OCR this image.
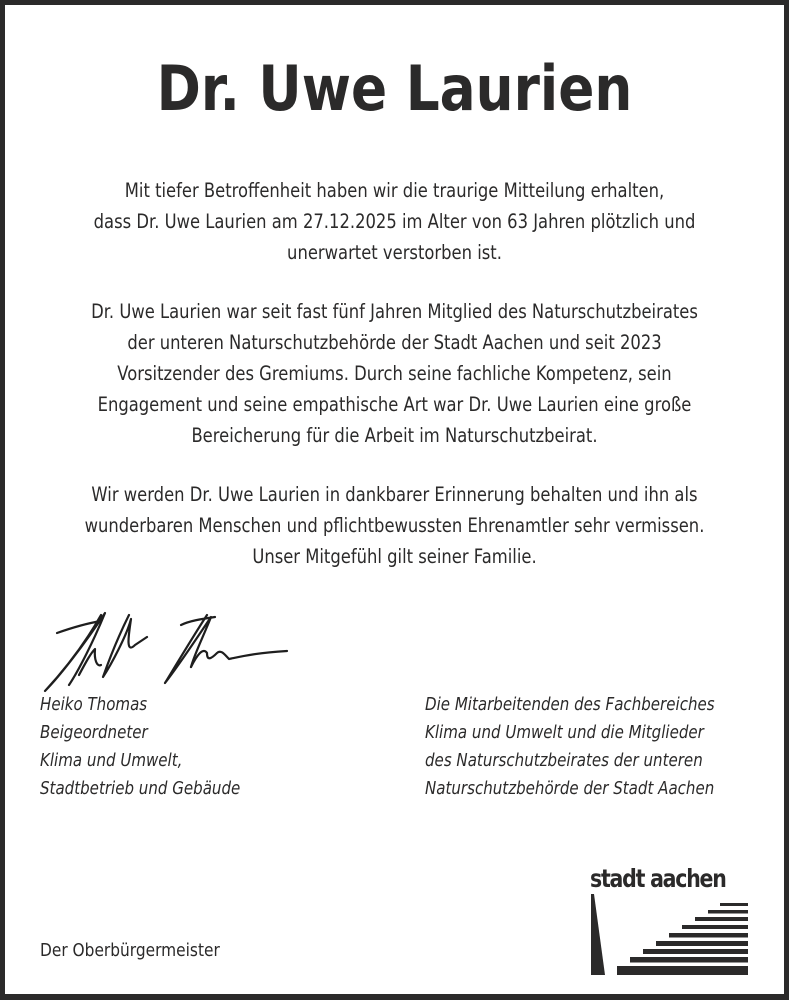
Dr. Uwe Laurien
Mit tiefer Betroffenheit haben wir die traurige Mitteilung erhalten,
dass Dr. Uwe Laurien am 27.12.2025 im Alter von 63 Jahren plötzlich und
unerwartet verstorben ist.
Dr. Uwe Laurien war seit fast fünf Jahren Mitglied des Naturschutzbeirates
der unteren Naturschutzbehörde der Stadt Aachen und seit 2023
Vorsitzender des Gremiums. Durch seine fachliche Kompetenz, sein
Engagement und seine empathische Art war Dr. Uwe Laurien eine große
Bereicherung für die Arbeit im Naturschutzbeirat.
Wir werden Dr. Uwe Laurien in dankbarer Erinnerung behalten und ihn als
wunderbaren Menschen und pflichtbewussten Ehrenamtler sehr vermissen.
Unser Mitgefühl gilt seiner Familie.
Heiko Thomas
Beigeordneter
Klima und Umwelt,
Stadtbetrieb und Gebäude
Die Mitarbeitenden des Fachbereiches
Klima und Umwelt und die Mitglieder
des Naturschutzbeirates der unteren
Naturschutzbehörde der Stadt Aachen
stadt aachen
Der Oberbürgermeister
